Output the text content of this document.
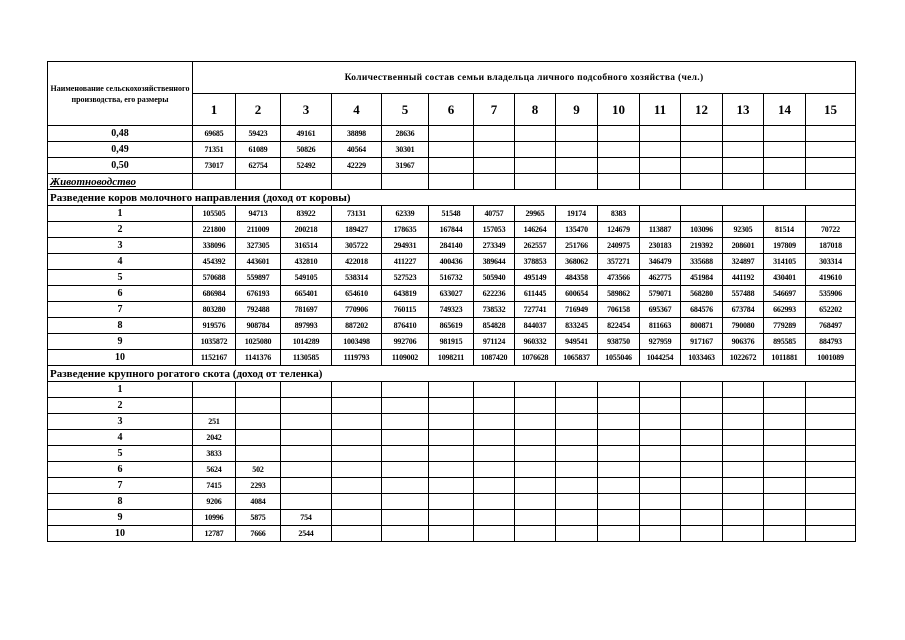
Наименование сельскохозяйственного производства, его размеры	Количественный состав семьи владельца личного подсобного хозяйства (чел.)														
	1	2	3	4	5	6	7	8	9	10	11	12	13	14	15
0,48	69685	59423	49161	38898	28636										
0,49	71351	61089	50826	40564	30301										
0,50	73017	62754	52492	42229	31967										
Животноводство															
Разведение коров молочного направления (доход от коровы)															
1	105505	94713	83922	73131	62339	51548	40757	29965	19174	8383					
2	221800	211009	200218	189427	178635	167844	157053	146264	135470	124679	113887	103096	92305	81514	70722
3	338096	327305	316514	305722	294931	284140	273349	262557	251766	240975	230183	219392	208601	197809	187018
4	454392	443601	432810	422018	411227	400436	389644	378853	368062	357271	346479	335688	324897	314105	303314
5	570688	559897	549105	538314	527523	516732	505940	495149	484358	473566	462775	451984	441192	430401	419610
6	686984	676193	665401	654610	643819	633027	622236	611445	600654	589862	579071	568280	557488	546697	535906
7	803280	792488	781697	770906	760115	749323	738532	727741	716949	706158	695367	684576	673784	662993	652202
8	919576	908784	897993	887202	876410	865619	854828	844037	833245	822454	811663	800871	790080	779289	768497
9	1035872	1025080	1014289	1003498	992706	981915	971124	960332	949541	938750	927959	917167	906376	895585	884793
10	1152167	1141376	1130585	1119793	1109002	1098211	1087420	1076628	1065837	1055046	1044254	1033463	1022672	1011881	1001089
Разведение крупного рогатого скота (доход от теленка)															
1															
2															
3	251														
4	2042														
5	3833														
6	5624	502													
7	7415	2293													
8	9206	4084													
9	10996	5875	754												
10	12787	7666	2544												
